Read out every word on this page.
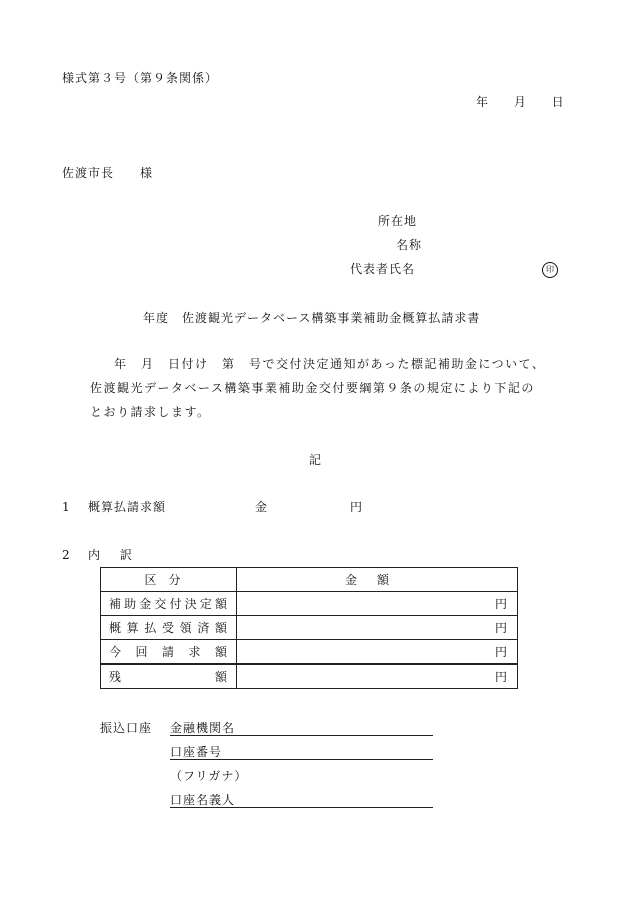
様式第３号（第９条関係）
年 月 日
佐渡市長　　様
所在地
名称
代表者氏名	印
年度　佐渡観光データベース構築事業補助金概算払請求書
年　月　日付け　第　号で交付決定通知があった標記補助金について、
佐渡観光データベース構築事業補助金交付要綱第９条の規定により下記の
とおり請求します。
記
1 概算払請求額	金	円
2 内 訳
区分	金額
補助金交付決定額	円
概算払受領済額	円
今回請求額	円
残額	円
振込口座 金融機関名
口座番号
（フリガナ）
口座名義人
